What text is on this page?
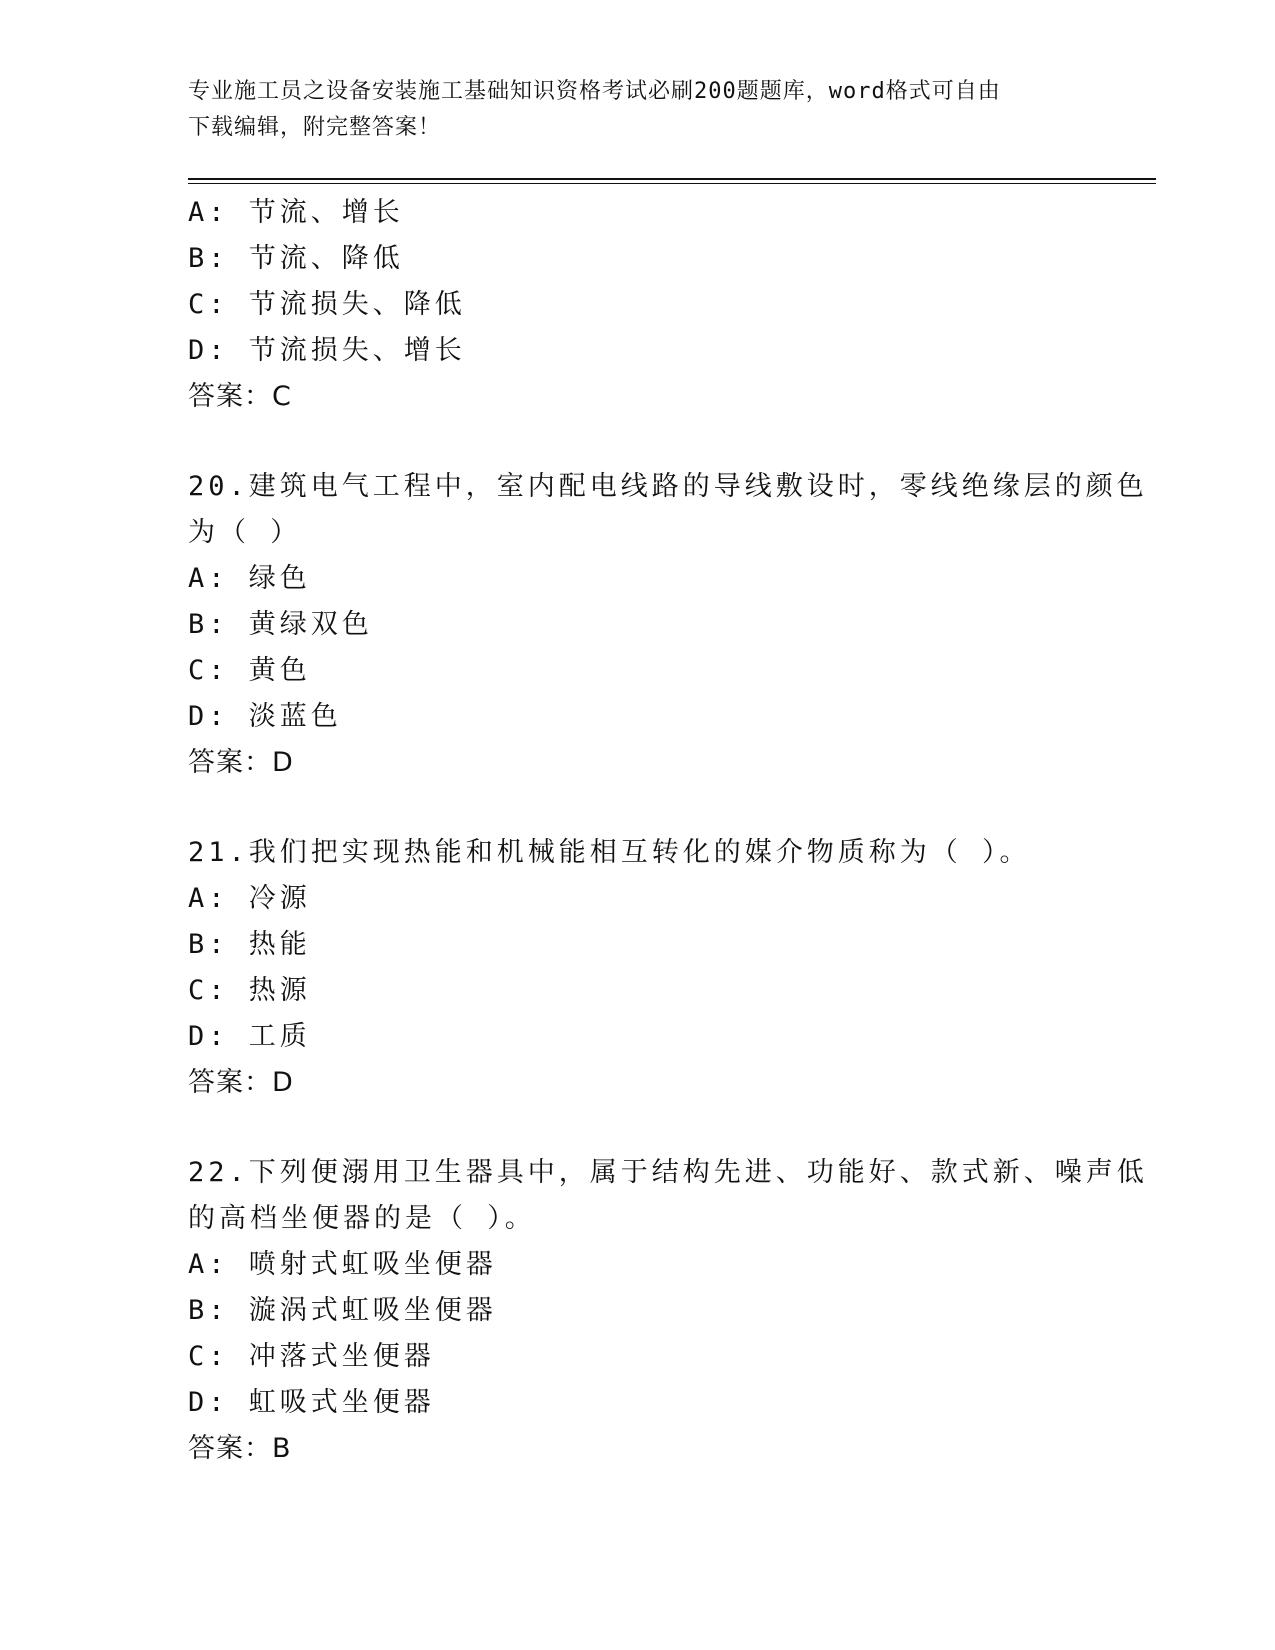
专业施工员之设备安装施工基础知识资格考试必刷200题题库，word格式可自由
下载编辑，附完整答案！
A: 节流、增长
B: 节流、降低
C: 节流损失、降低
D: 节流损失、增长
答案：C
20.建筑电气工程中，室内配电线路的导线敷设时，零线绝缘层的颜色
为（ ）
A: 绿色
B: 黄绿双色
C: 黄色
D: 淡蓝色
答案：D
21.我们把实现热能和机械能相互转化的媒介物质称为（ ）。
A: 冷源
B: 热能
C: 热源
D: 工质
答案：D
22.下列便溺用卫生器具中，属于结构先进、功能好、款式新、噪声低
的高档坐便器的是（ ）。
A: 喷射式虹吸坐便器
B: 漩涡式虹吸坐便器
C: 冲落式坐便器
D: 虹吸式坐便器
答案：B
